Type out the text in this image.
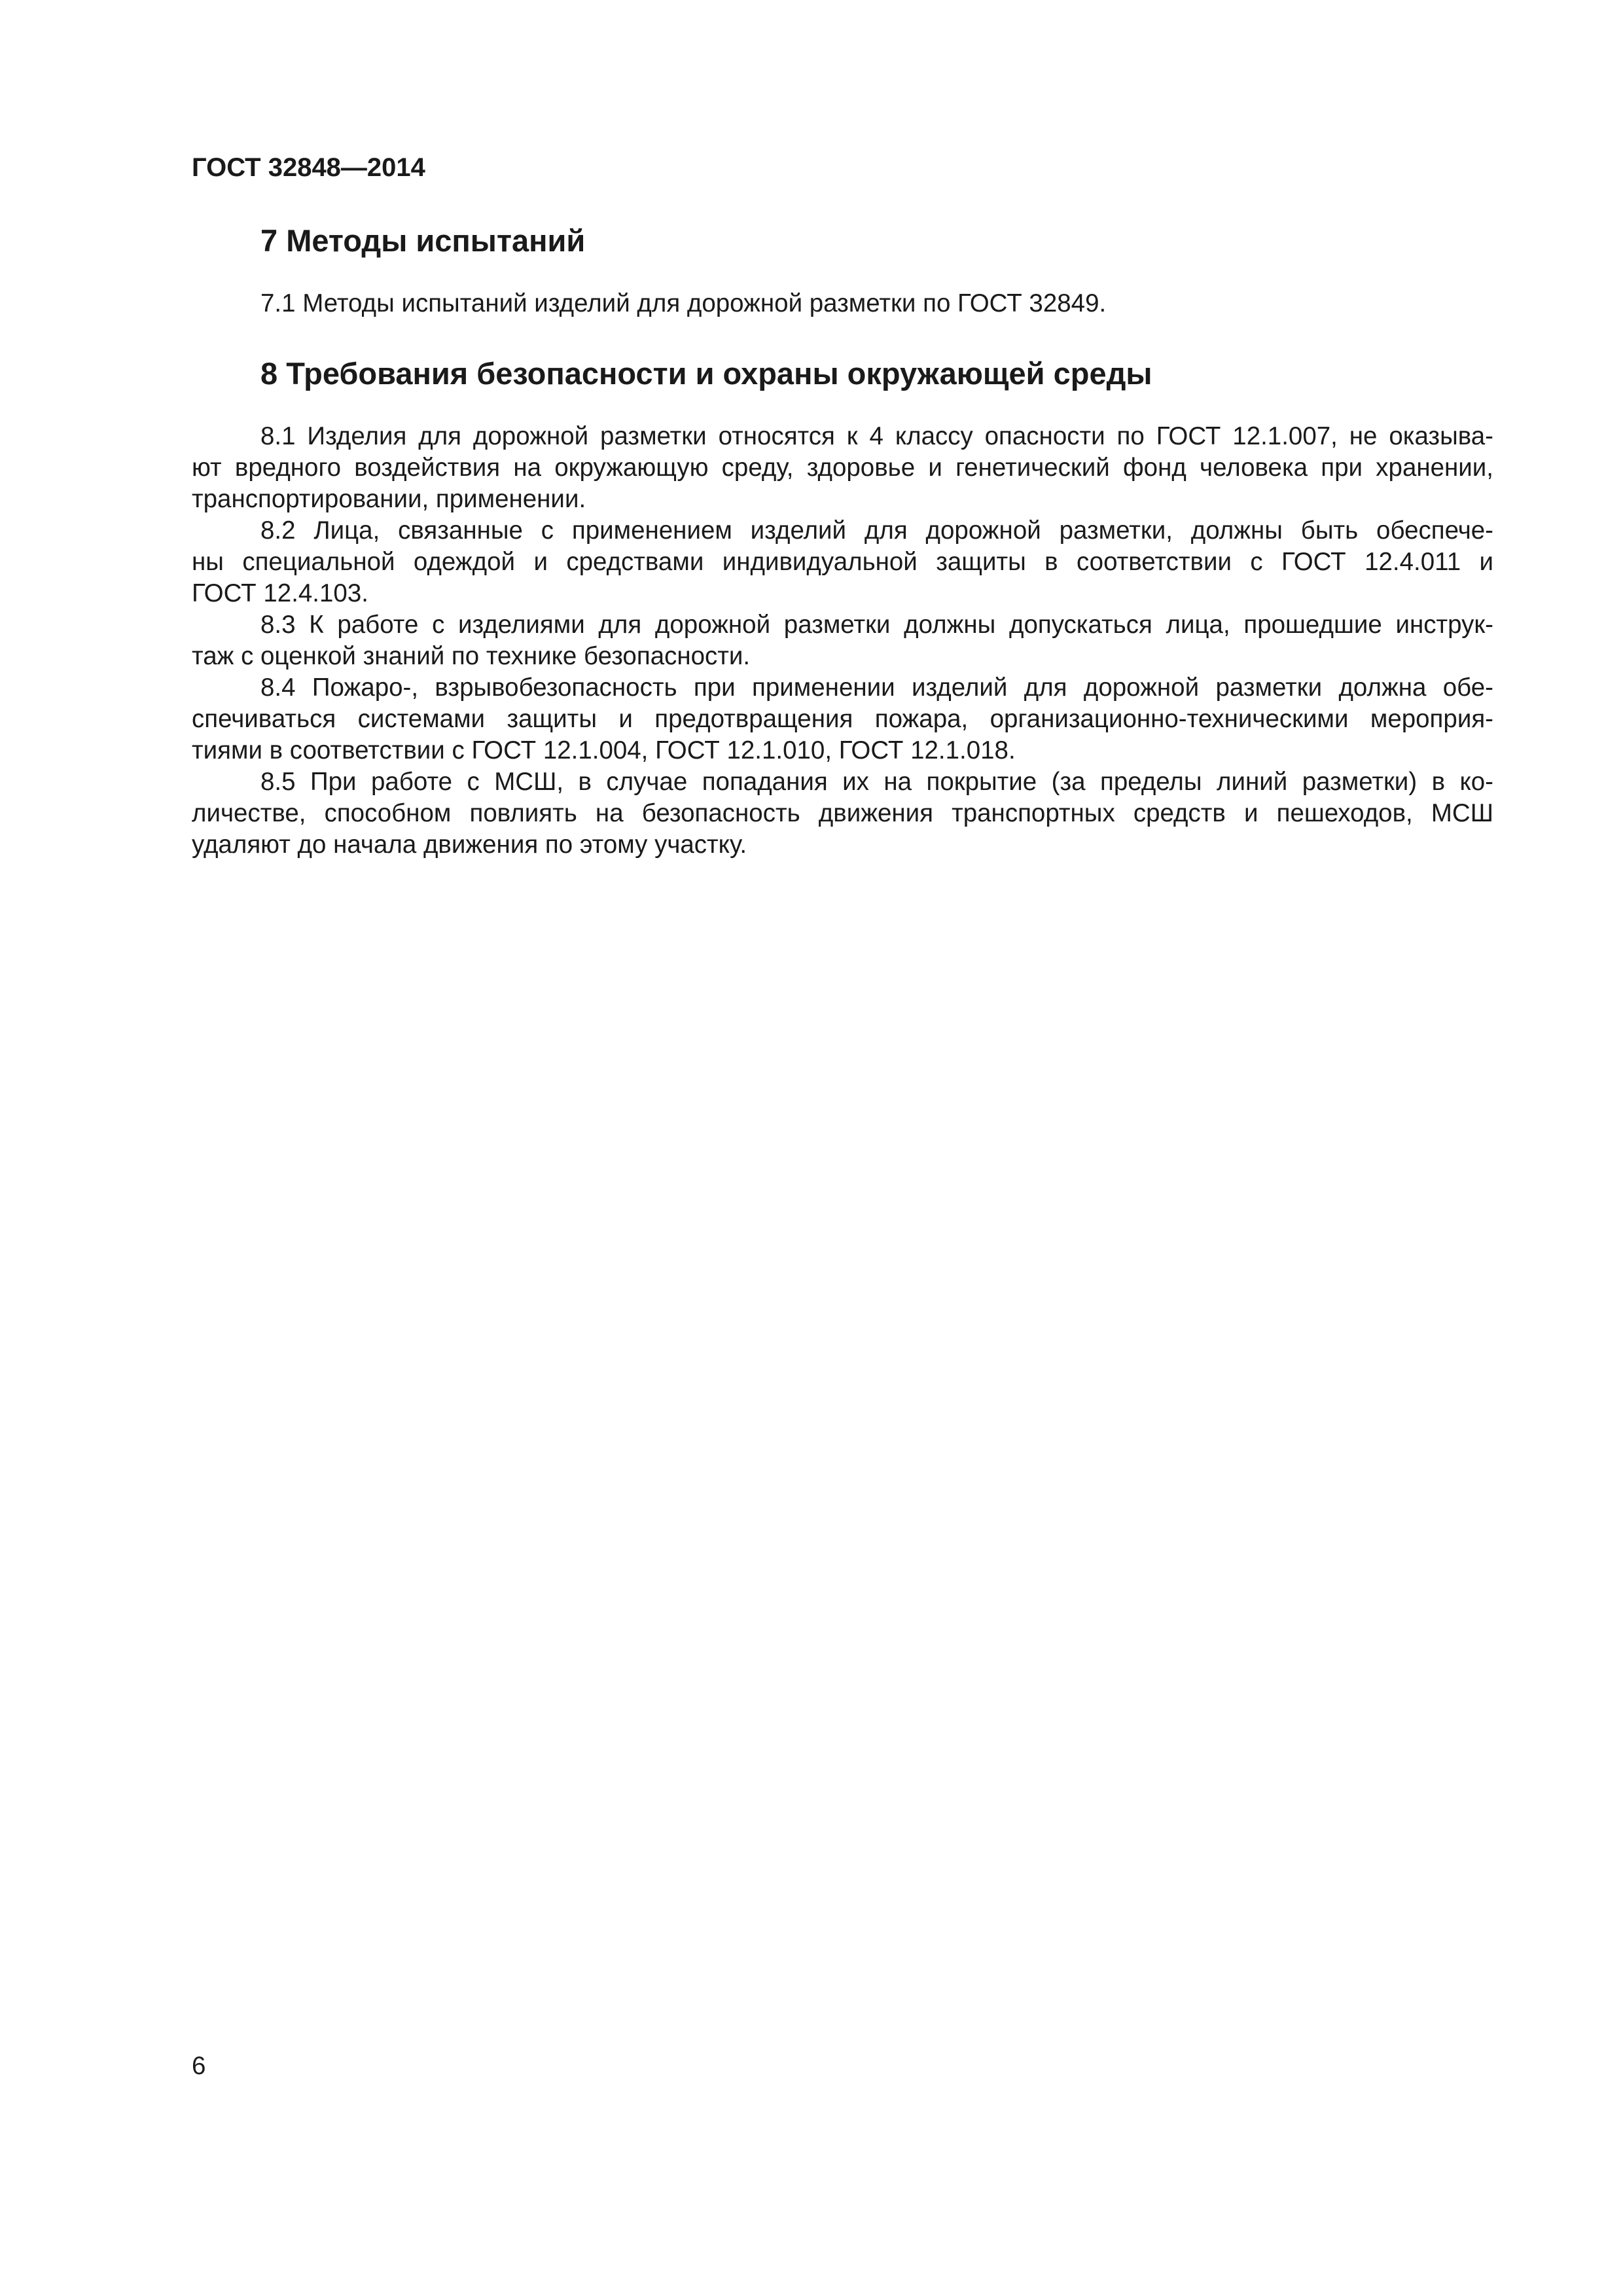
ГОСТ 32848—2014
7 Методы испытаний
7.1 Методы испытаний изделий для дорожной разметки по ГОСТ 32849.
8 Требования безопасности и охраны окружающей среды
8.1 Изделия для дорожной разметки относятся к 4 классу опасности по ГОСТ 12.1.007, не оказыва-
ют вредного воздействия на окружающую среду, здоровье и генетический фонд человека при хранении,
транспортировании, применении.
8.2 Лица, связанные с применением изделий для дорожной разметки, должны быть обеспече-
ны специальной одеждой и средствами индивидуальной защиты в соответствии с ГОСТ 12.4.011 и
ГОСТ 12.4.103.
8.3 К работе с изделиями для дорожной разметки должны допускаться лица, прошедшие инструк-
таж с оценкой знаний по технике безопасности.
8.4 Пожаро-, взрывобезопасность при применении изделий для дорожной разметки должна обе-
спечиваться системами защиты и предотвращения пожара, организационно-техническими мероприя-
тиями в соответствии с ГОСТ 12.1.004, ГОСТ 12.1.010, ГОСТ 12.1.018.
8.5 При работе с МСШ, в случае попадания их на покрытие (за пределы линий разметки) в ко-
личестве, способном повлиять на безопасность движения транспортных средств и пешеходов, МСШ
удаляют до начала движения по этому участку.
6
